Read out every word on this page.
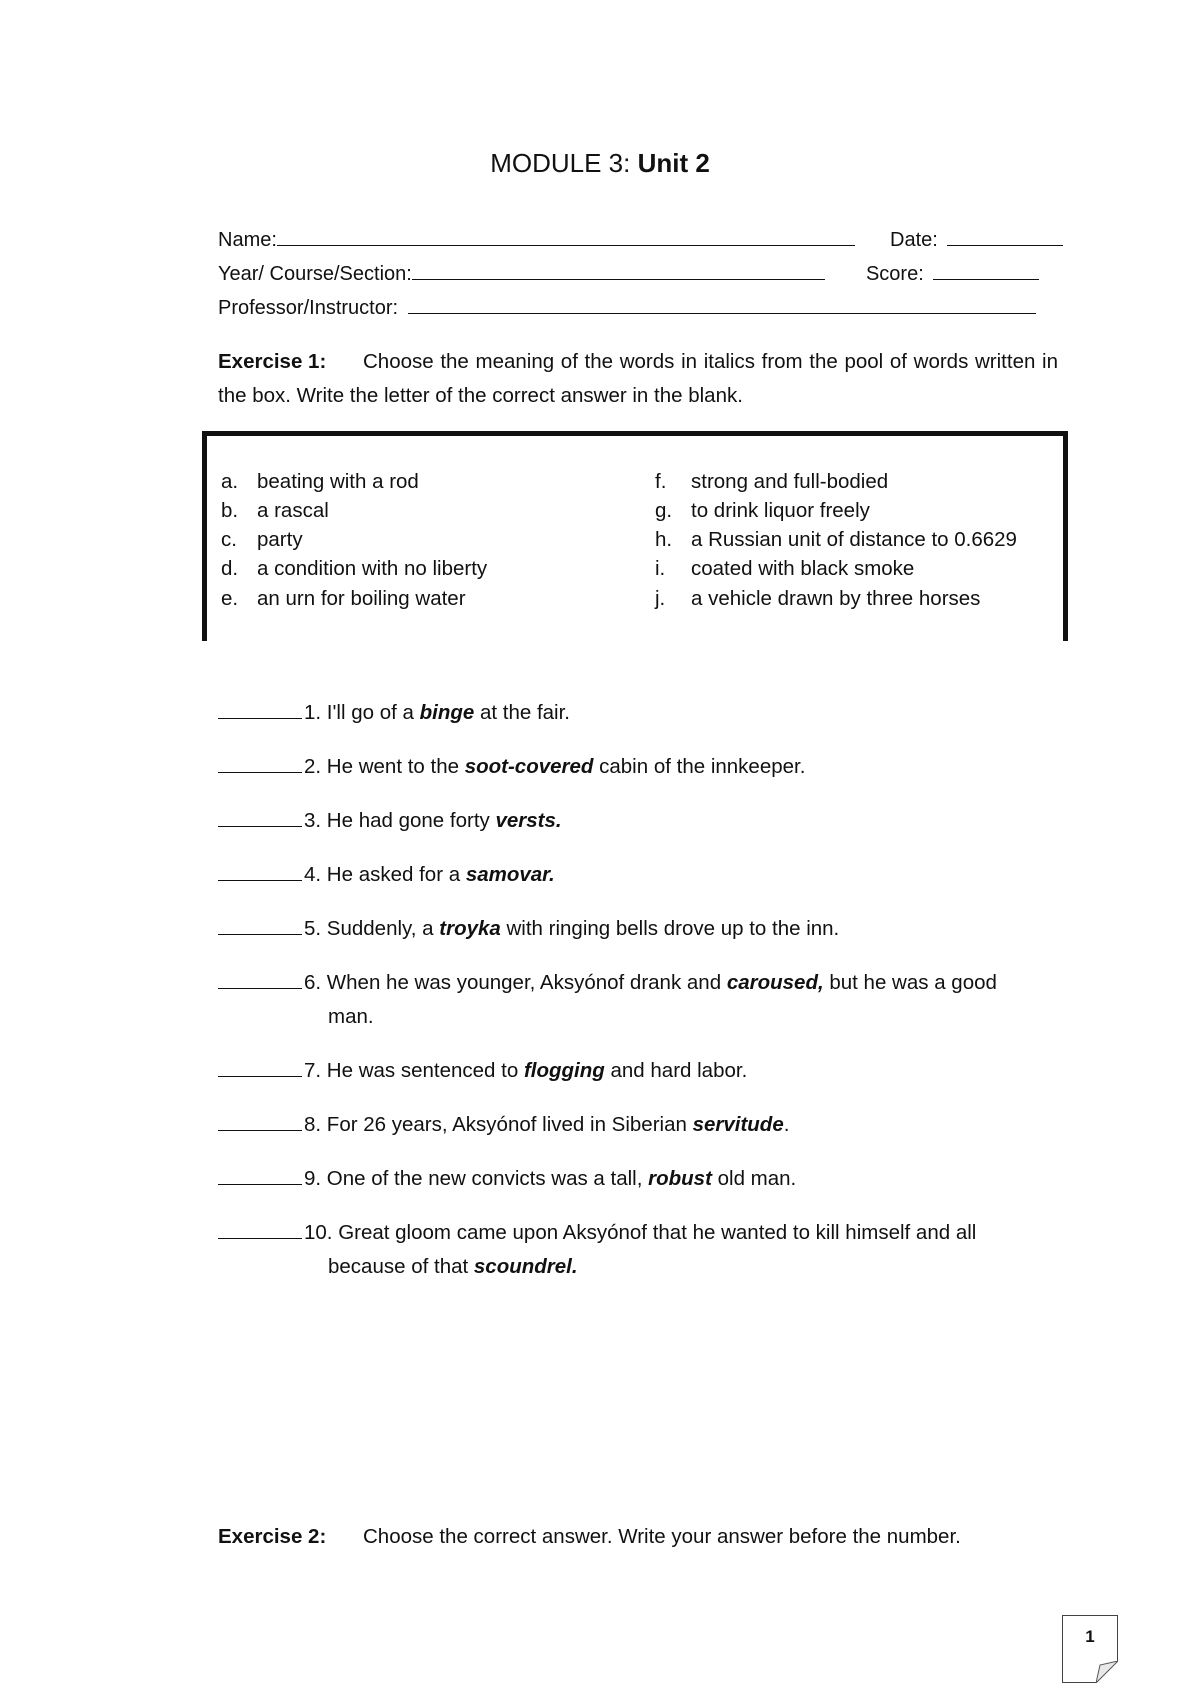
MODULE 3: Unit 2
Name:	Date:
Year/ Course/Section:	Score:
Professor/Instructor:
Exercise 1: Choose the meaning of the words in italics from the pool of words written in the box. Write the letter of the correct answer in the blank.
a. beating with a rod
b. a rascal
c. party
d. a condition with no liberty
e. an urn for boiling water
f. strong and full-bodied
g. to drink liquor freely
h. a Russian unit of distance to 0.6629
i. coated with black smoke
j. a vehicle drawn by three horses
1. I'll go of a binge at the fair.
2. He went to the soot-covered cabin of the innkeeper.
3. He had gone forty versts.
4. He asked for a samovar.
5. Suddenly, a troyka with ringing bells drove up to the inn.
6. When he was younger, Aksyónof drank and caroused, but he was a good
man.
7. He was sentenced to flogging and hard labor.
8. For 26 years, Aksyónof lived in Siberian servitude.
9. One of the new convicts was a tall, robust old man.
10. Great gloom came upon Aksyónof that he wanted to kill himself and all
because of that scoundrel.
Exercise 2: Choose the correct answer. Write your answer before the number.
1
